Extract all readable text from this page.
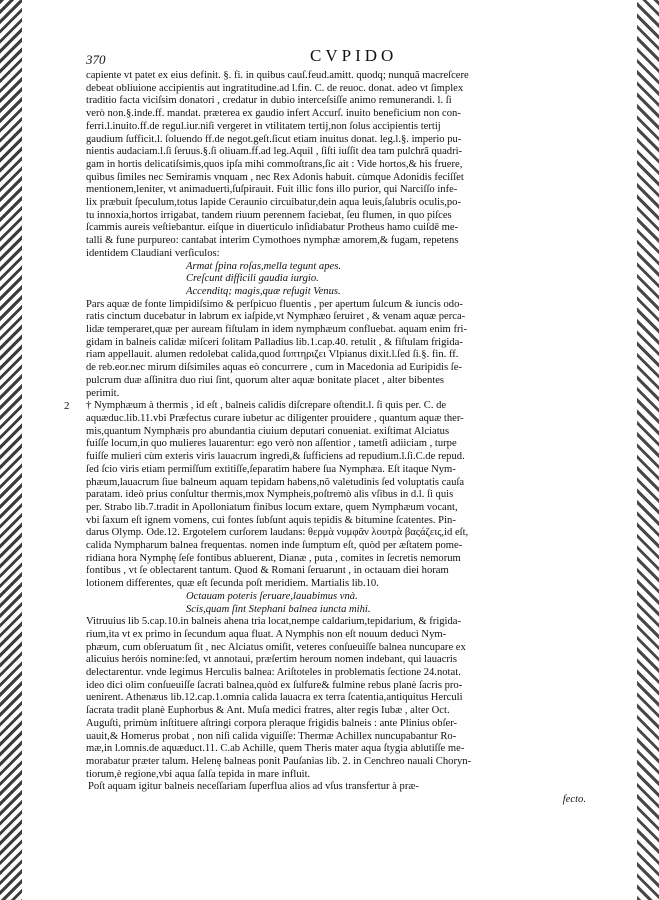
370	CVPIDO
capiente vt patet ex eius definit. §. fi. in quibus cauſ.feud.amitt. quodq; nunquã macreſcere
debeat obliuione accipientis aut ingratitudine.ad l.fin. C. de reuoc. donat. adeo vt ſimplex
traditio facta viciſsim donatori , credatur in dubio interceſsiſſe animo remunerandi. l. ſi
verò non.§.inde.ff. mandat. præterea ex gaudio infert Accurſ. inuito beneficium non con-
ferri.l.inuito.ff.de regul.iur.niſi vergeret in vtilitatem tertij,non ſolus accipientis tertij
gaudium ſufficit.l. ſoluendo ff.de negot.geſt.ſicut etiam inuitus donat. leg.l.§. imperio pu-
nientis audaciam.l.ſi ſeruus.§.ſi oliuam.ff.ad leg.Aquil , ſiſti iuſſit dea tam pulchrã quadri-
gam in hortis delicatiſsimis,quos ipſa mihi commoſtrans,ſic ait : Vide hortos,& his fruere,
quibus ſimiles nec Semiramis vnquam , nec Rex Adonis habuit. cùmque Adonidis feciſſet
mentionem,leniter, vt animaduerti,ſuſpirauit. Fuit illic fons illo purior, qui Narciſſo infe-
lix præbuit ſpeculum,totus lapide Ceraunio circuibatur,dein aqua leuis,ſalubris oculis,po-
tu innoxia,hortos irrigabat, tandem riuum perennem faciebat, ſeu flumen, in quo piſces
ſcammis aureis veſtiebantur. eiſque in diuerticulo inſidiabatur Protheus hamo cuiſdē me-
talli & fune purpureo: cantabat interim Cymothoes nymphæ amorem,& fugam, repetens
identidem Claudiani verſiculos:
Armat ſpina roſas,mella tegunt apes.
Creſcunt difficili gaudia iurgio.
Accenditq; magis,quæ refugit Venus.
Pars aquæ de fonte limpidiſsimo & perſpicuo fluentis , per apertum ſulcum & iuncis odo-
ratis cinctum ducebatur in labrum ex iaſpide,vt Nymphæo ſeruiret , & venam aquæ perca-
lidæ temperaret,quæ per auream fiſtulam in idem nymphæum confluebat. aquam enim fri-
gidam in balneis calidæ miſceri ſolitam Palladius lib.1.cap.40. retulit , & fiſtulam frigida-
riam appellauit. alumen redolebat calida,quod ſυπτηριζει Vlpianus dixit.l.ſed ſi.§. fin. ff.
de reb.eor.nec mirum diſsimiles aquas eò concurrere , cum in Macedonia ad Euripidis ſe-
pulcrum duæ aſſinitra duo riui ſint, quorum alter aquæ bonitate placet , alter bibentes
perimit.
2 † Nymphæum à thermis , id eſt , balneis calidis diſcrepare oſtendit.l. ſi quis per. C. de
aquæduc.lib.11.vbi Præfectus curare iubetur ac diligenter prouidere , quantum aquæ ther-
mis,quantum Nymphæis pro abundantia ciuium deputari conueniat. exiſtimat Alciatus
fuiſſe locum,in quo mulieres lauarentur: ego verò non aſſentior , tametſi adiiciam , turpe
fuiſſe mulieri cùm exteris viris lauacrum ingredi,& ſufficiens ad repudium.l.ſi.C.de repud.
ſed ſcio viris etiam permiſſum extitiſſe,ſeparatim habere ſua Nymphæa. Eſt itaque Nym-
phæum,lauacrum ſiue balneum aquam tepidam habens,nõ valetudinis ſed voluptatis cauſa
paratam. ideò prius conſultur thermis,mox Nympheis,poſtremò alis vſibus in d.l. ſi quis
per. Strabo lib.7.tradit in Apolloniatum finibus locum extare, quem Nymphæum vocant,
vbi ſaxum eſt ignem vomens, cui fontes ſubſunt aquis tepidis & bitumine ſcatentes. Pin-
darus Olymp. Ode.12. Ergotelem curſorem laudans: θερμὰ νυμφᾶν λουτρὰ βαςάζεις,id eſt,
calida Nympharum balnea frequentas. nomen inde ſumptum eſt, quòd per æſtatem pome-
ridiana hora Nymphę ſeſe fontibus abluerent, Dianæ , puta , comites in ſecretis nemorum
fontibus , vt ſe oblectarent tantum. Quod & Romani ſeruarunt , in octauam diei horam
lotionem differentes, quæ eſt ſecunda poſt meridiem. Martialis lib.10.
Octauam poteris ſeruare,lauabimus vnà.
Scis,quam ſint Stephani balnea iuncta mihi.
Vitruuius lib 5.cap.10.in balneis ahena tria locat,nempe caldarium,tepidarium, & frigida-
rium,ita vt ex primo in ſecundum aqua fluat. A Nymphis non eſt nouum deduci Nym-
phæum, cum obſeruatum ſit , nec Alciatus omiſit, veteres conſueuiſſe balnea nuncupare ex
alicuius heróis nomine:ſed, vt annotaui, præſertim heroum nomen indebant, qui lauacris
delectarentur. vnde legimus Herculis balnea: Ariſtoteles in problematis ſectione 24.notat.
ideo dici olim conſueuiſſe ſacrati balnea,quòd ex ſulfure& fulmine rebus planè ſacris pro-
uenirent. Athenæus lib.12.cap.1.omnia calida lauacra ex terra ſcatentia,antiquitus Herculi
ſacrata tradit planè Euphorbus & Ant. Muſa medici fratres, alter regis Iubæ , alter Oct.
Auguſti, primùm inſtituere aſtringi corpora pleraque frigidis balneis : ante Plinius obſer-
uauit,& Homerus probat , non niſi calida viguiſſe: Thermæ Achillex nuncupabantur Ro-
mæ,in l.omnis.de aquæduct.11. C.ab Achille, quem Theris mater aqua ſtygia ablutiſſe me-
morabatur præter talum. Helenę balneas ponit Pauſanias lib. 2. in Cenchreo nauali Choryn-
tiorum,è regione,vbi aqua ſalſa tepida in mare influit.
Poſt aquam igitur balneis neceſſariam ſuperflua alios ad vſus transfertur à præ-
fecto.
